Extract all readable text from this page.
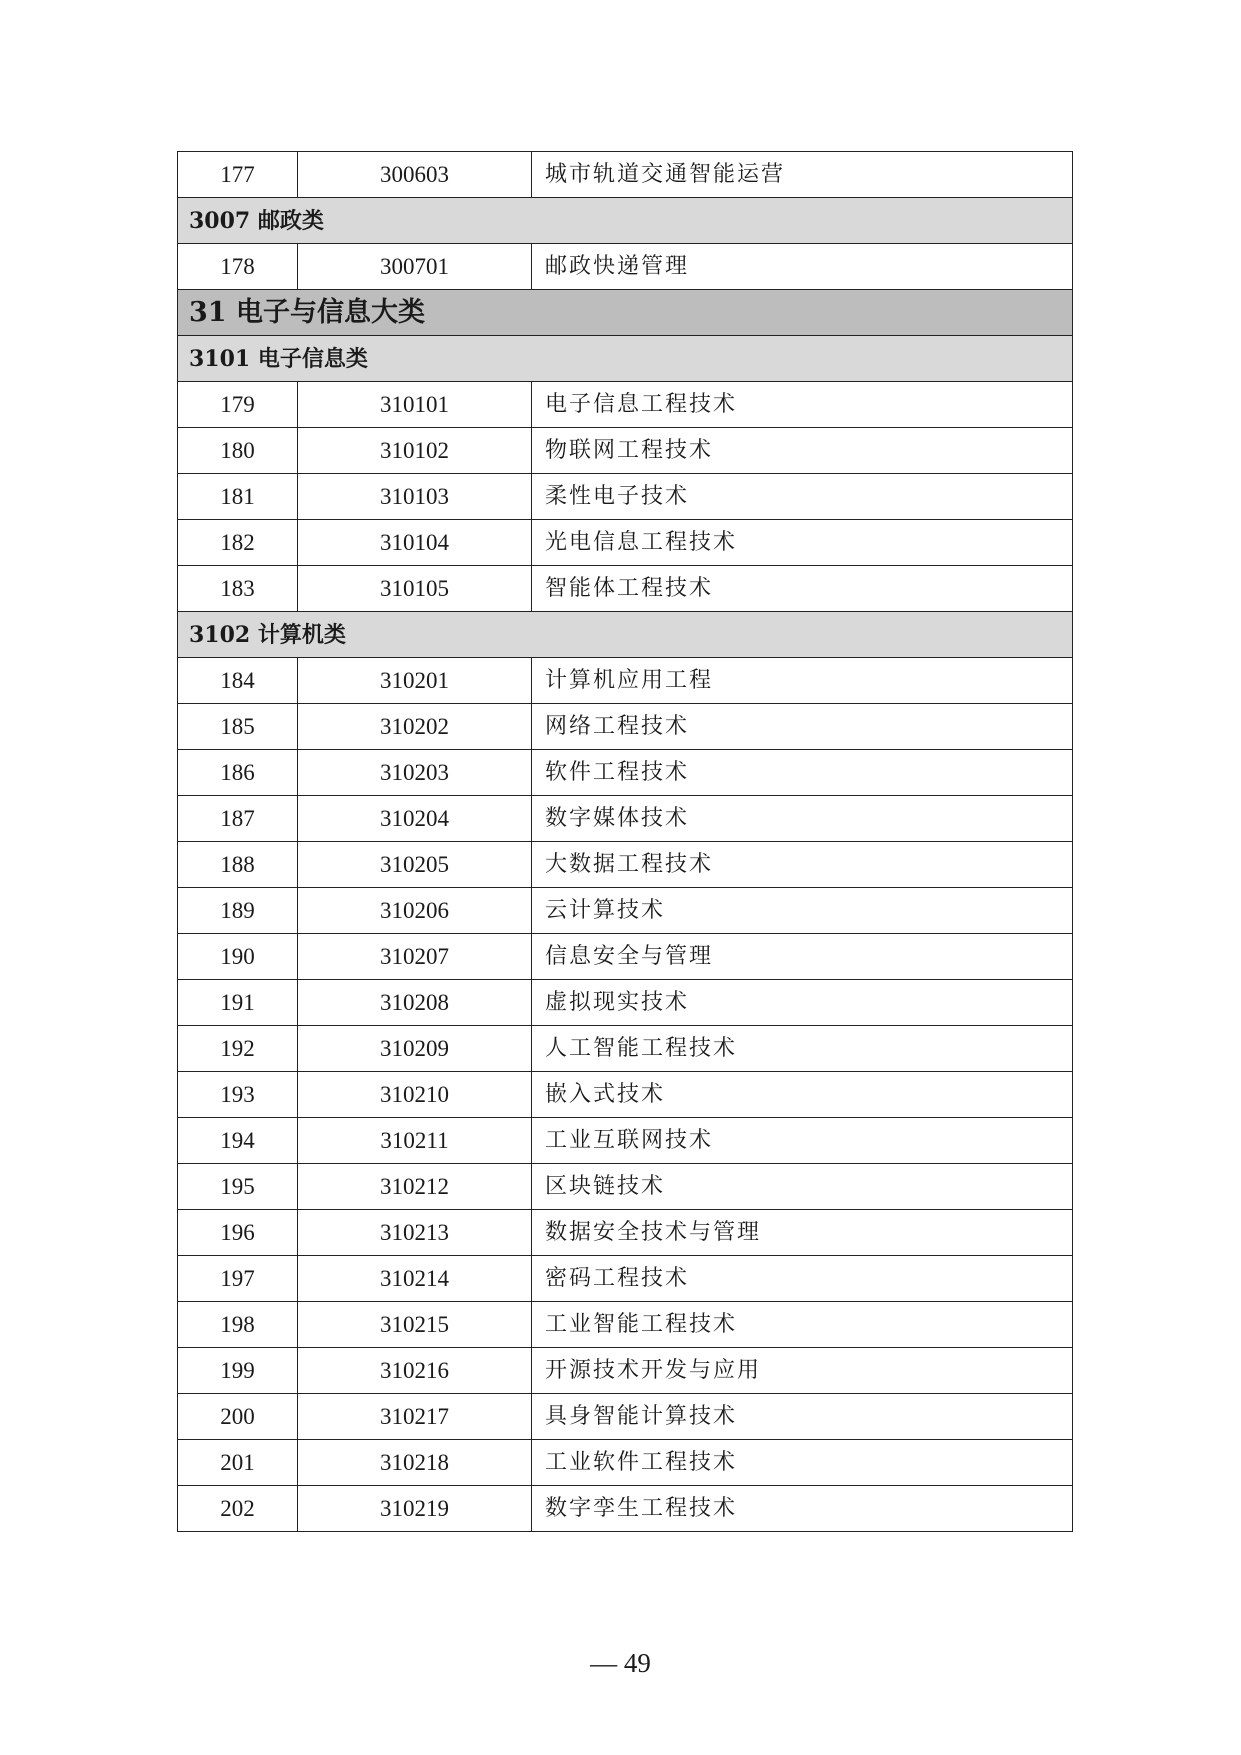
177	300603	城市轨道交通智能运营
3007 邮政类		
178	300701	邮政快递管理
31 电子与信息大类		
3101 电子信息类		
179	310101	电子信息工程技术
180	310102	物联网工程技术
181	310103	柔性电子技术
182	310104	光电信息工程技术
183	310105	智能体工程技术
3102 计算机类		
184	310201	计算机应用工程
185	310202	网络工程技术
186	310203	软件工程技术
187	310204	数字媒体技术
188	310205	大数据工程技术
189	310206	云计算技术
190	310207	信息安全与管理
191	310208	虚拟现实技术
192	310209	人工智能工程技术
193	310210	嵌入式技术
194	310211	工业互联网技术
195	310212	区块链技术
196	310213	数据安全技术与管理
197	310214	密码工程技术
198	310215	工业智能工程技术
199	310216	开源技术开发与应用
200	310217	具身智能计算技术
201	310218	工业软件工程技术
202	310219	数字孪生工程技术
— 49
